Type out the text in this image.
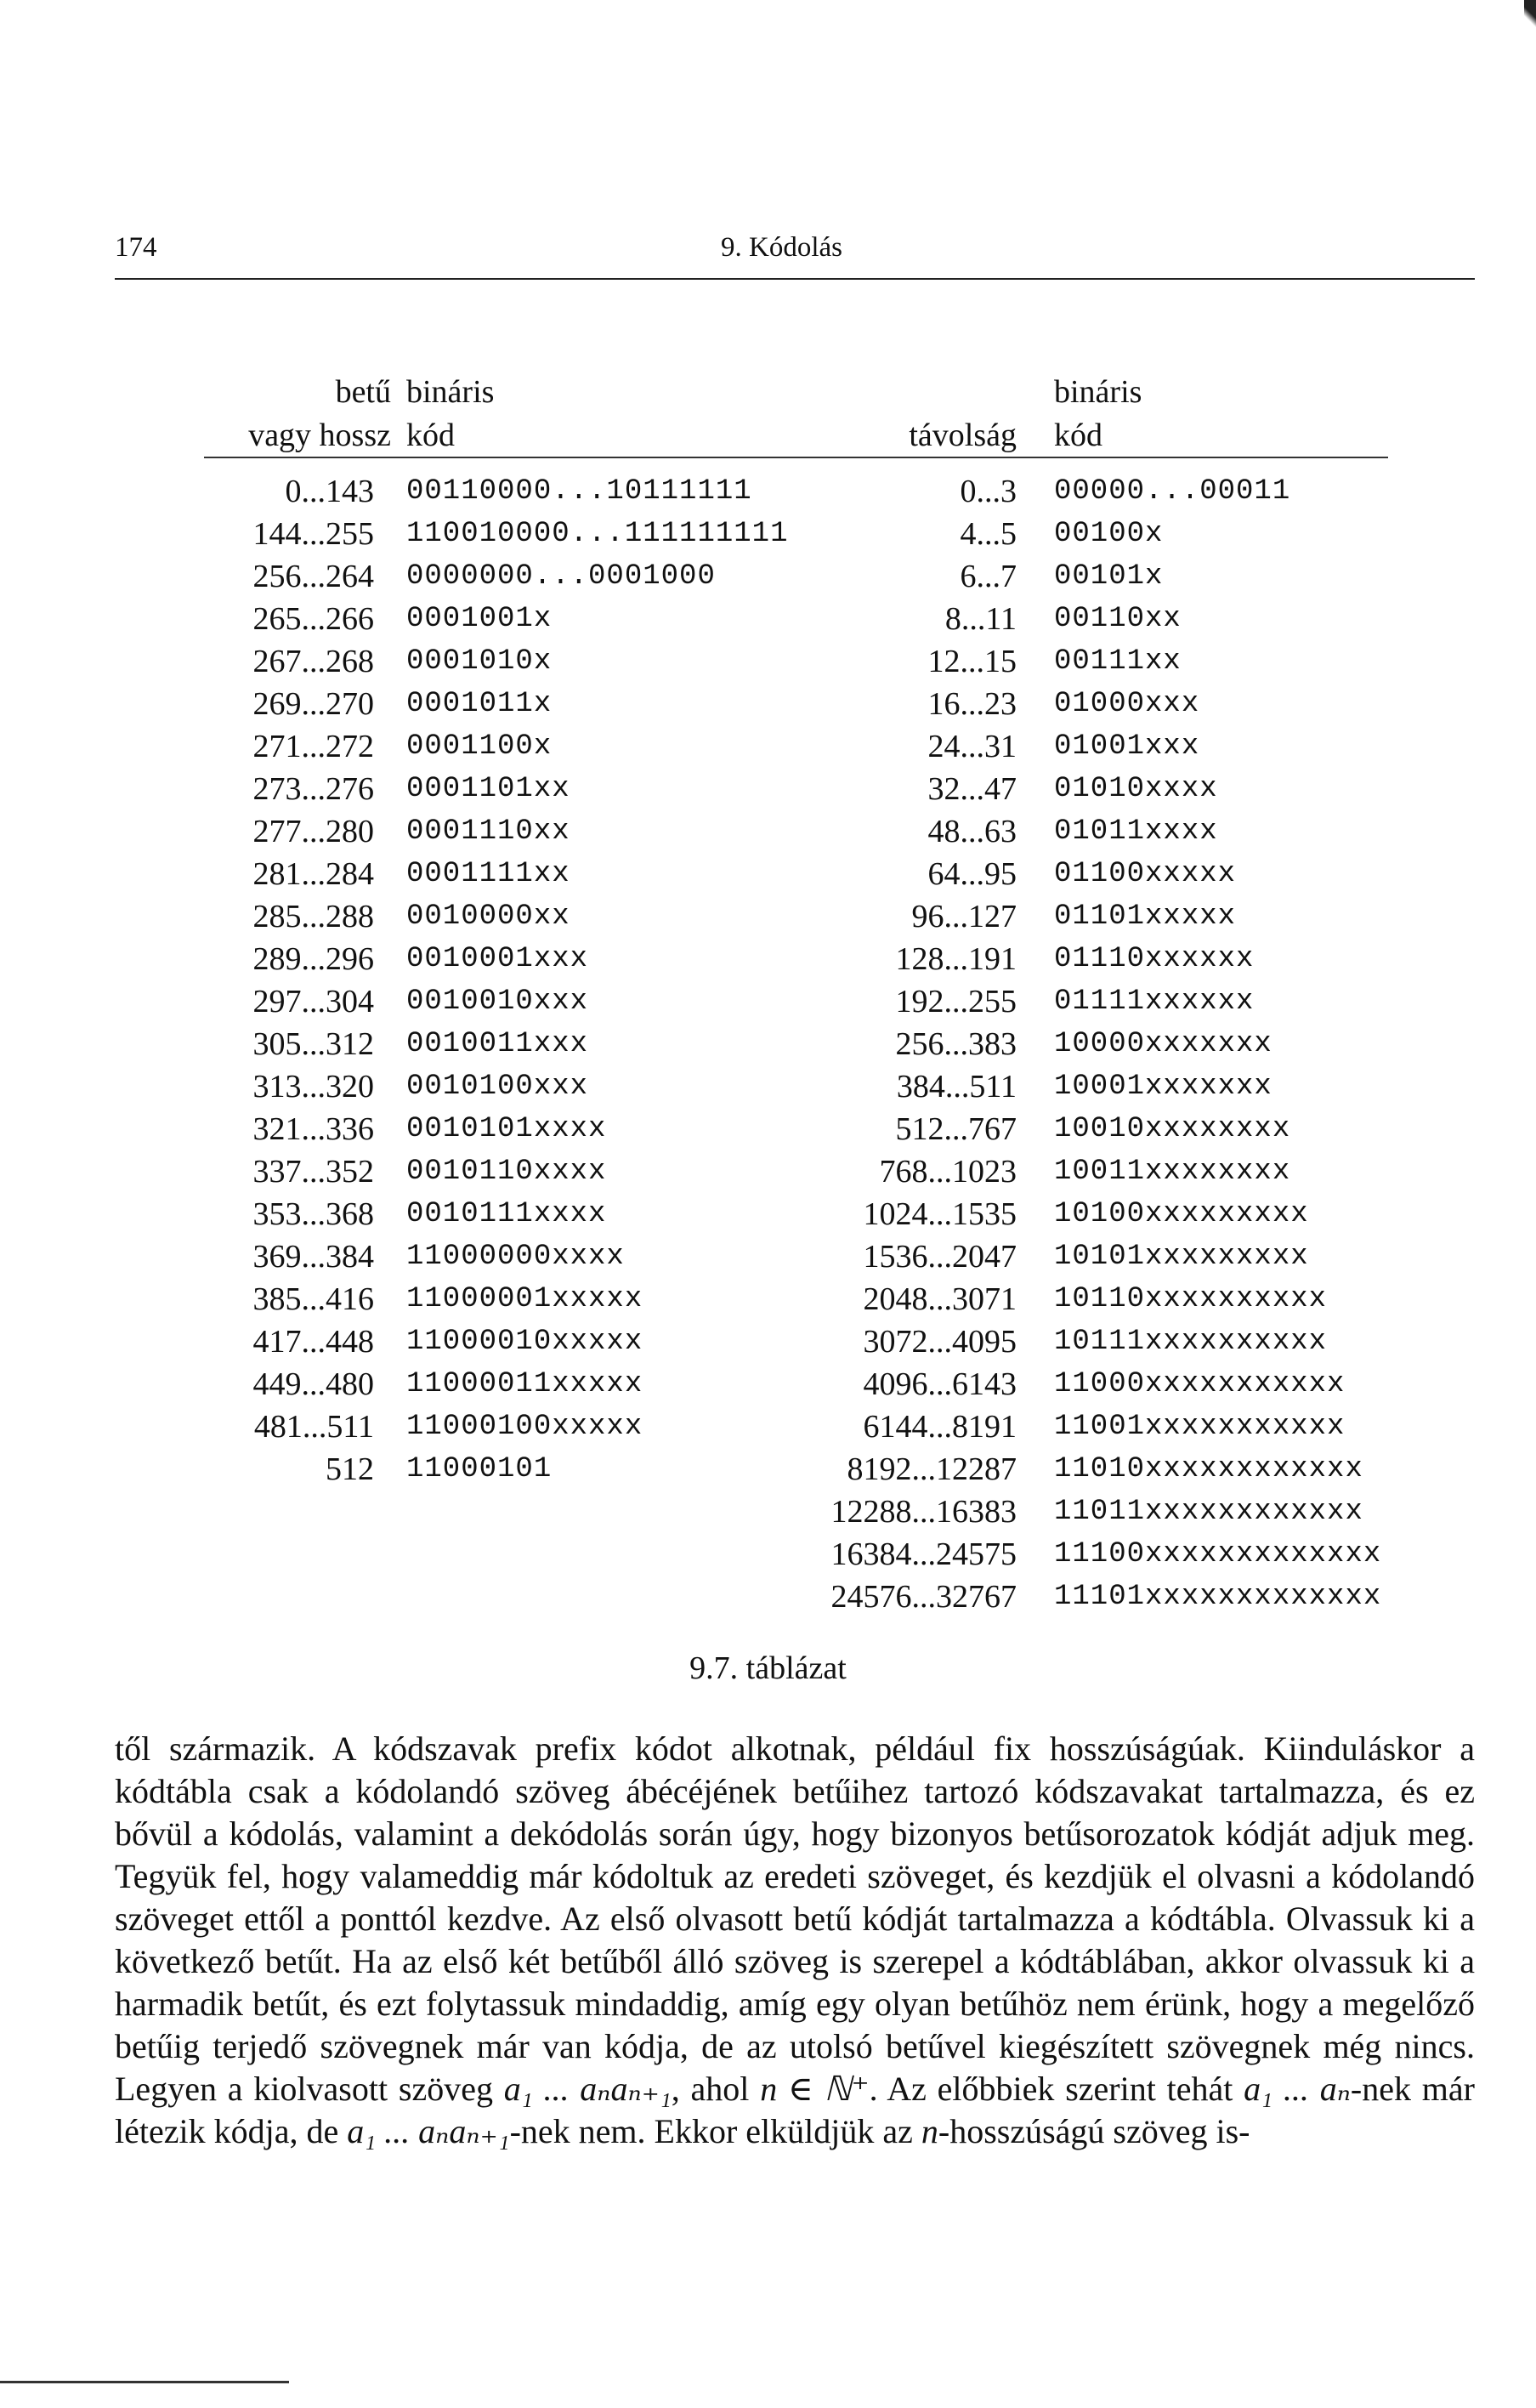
174	9. Kódolás
betű
vagy hossz
bináris
kód	távolság
bináris
kód
0...143 00110000...10111111
144...255 110010000...111111111
256...264 0000000...0001000
265...266 0001001x
267...268 0001010x
269...270 0001011x
271...272 0001100x
273...276 0001101xx
277...280 0001110xx
281...284 0001111xx
285...288 0010000xx
289...296 0010001xxx
297...304 0010010xxx
305...312 0010011xxx
313...320 0010100xxx
321...336 0010101xxxx
337...352 0010110xxxx
353...368 0010111xxxx
369...384 11000000xxxx
385...416 11000001xxxxx
417...448 11000010xxxxx
449...480 11000011xxxxx
481...511 11000100xxxxx
512 11000101
0...3 00000...00011
4...5 00100x
6...7 00101x
8...11 00110xx
12...15 00111xx
16...23 01000xxx
24...31 01001xxx
32...47 01010xxxx
48...63 01011xxxx
64...95 01100xxxxx
96...127 01101xxxxx
128...191 01110xxxxxx
192...255 01111xxxxxx
256...383 10000xxxxxxx
384...511 10001xxxxxxx
512...767 10010xxxxxxxx
768...1023 10011xxxxxxxx
1024...1535 10100xxxxxxxxx
1536...2047 10101xxxxxxxxx
2048...3071 10110xxxxxxxxxx
3072...4095 10111xxxxxxxxxx
4096...6143 11000xxxxxxxxxxx
6144...8191 11001xxxxxxxxxxx
8192...12287 11010xxxxxxxxxxxx
12288...16383 11011xxxxxxxxxxxx
16384...24575 11100xxxxxxxxxxxxx
24576...32767 11101xxxxxxxxxxxxx
9.7. táblázat

től származik. A kódszavak prefix kódot alkotnak, például fix hosszúságúak. Kiinduláskor a kódtábla csak a kódolandó szöveg ábécéjének betűihez tartozó kódszavakat tartalmazza, és ez bővül a kódolás, valamint a dekódolás során úgy, hogy bizonyos betűsorozatok kódját adjuk meg. Tegyük fel, hogy valameddig már kódoltuk az eredeti szöveget, és kezdjük el olvasni a kódolandó szöveget ettől a ponttól kezdve. Az első olvasott betű kódját tartalmazza a kódtábla. Olvassuk ki a következő betűt. Ha az első két betűből álló szöveg is szerepel a kódtáblában, akkor olvassuk ki a harmadik betűt, és ezt folytassuk mindaddig, amíg egy olyan betűhöz nem érünk, hogy a megelőző betűig terjedő szövegnek már van kódja, de az utolsó betűvel kiegészített szövegnek még nincs. Legyen a kiolvasott szöveg a₁ ... aₙaₙ₊₁, ahol n ∈ ℕ⁺. Az előbbiek szerint tehát a₁ ... aₙ-nek már létezik kódja, de a₁ ... aₙaₙ₊₁-nek nem. Ekkor elküldjük az n-hosszúságú szöveg is-
